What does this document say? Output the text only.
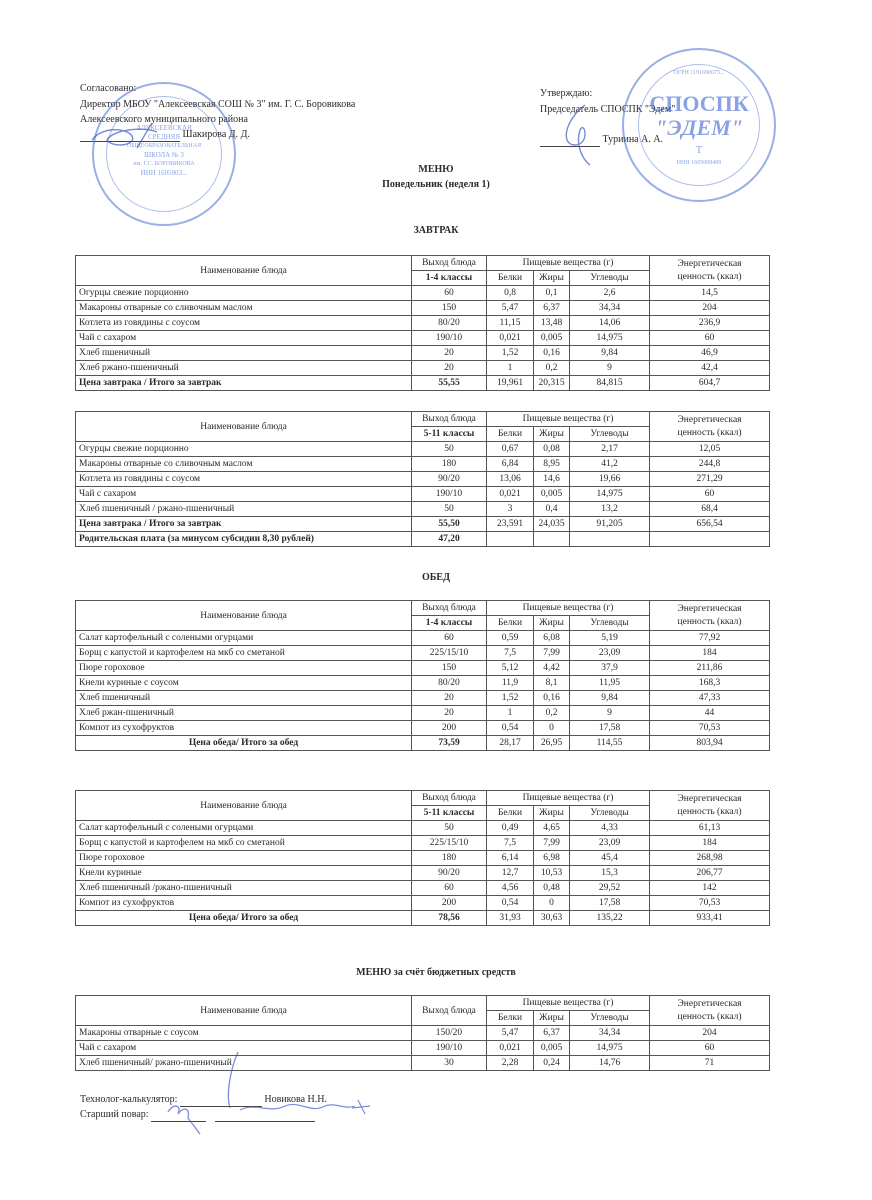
Согласовано:
Директор МБОУ "Алексеевская СОШ № 3" им. Г. С. Боровикова
Алексеевского муниципального района
Шакирова Д. Д.
Утверждаю:
Председатель СПОСПК "Эдем"
Туриина А. А.
АЛЕКСЕЕВСКАЯ
СРЕДНЯЯ
ОБЩЕОБРАЗОВАТЕЛЬНАЯ
ШКОЛА № 3
им. Г.С. БОРОВИКОВА
ИНН 1605003...
ОГРН 1191690075...
СПОСПК
"ЭДЕМ"
Т
ИНН 1605008409
МЕНЮ
Понедельник (неделя 1)
ЗАВТРАК
Наименование блюда	Выход блюда	Пищевые вещества (г)			Энергетическая
ценность (ккал)
	1-4 классы	Белки	Жиры	Углеводы	
Огурцы свежие порционно	60	0,8	0,1	2,6	14,5
Макароны отварные со сливочным маслом	150	5,47	6,37	34,34	204
Котлета из говядины с соусом	80/20	11,15	13,48	14,06	236,9
Чай с сахаром	190/10	0,021	0,005	14,975	60
Хлеб пшеничный	20	1,52	0,16	9,84	46,9
Хлеб ржано-пшеничный	20	1	0,2	9	42,4
Цена завтрака / Итого за завтрак	55,55	19,961	20,315	84,815	604,7
Наименование блюда	Выход блюда	Пищевые вещества (г)			Энергетическая
ценность (ккал)
	5-11 классы	Белки	Жиры	Углеводы	
Огурцы свежие порционно	50	0,67	0,08	2,17	12,05
Макароны отварные со сливочным маслом	180	6,84	8,95	41,2	244,8
Котлета из говядины с соусом	90/20	13,06	14,6	19,66	271,29
Чай с сахаром	190/10	0,021	0,005	14,975	60
Хлеб пшеничный / ржано-пшеничный	50	3	0,4	13,2	68,4
Цена завтрака / Итого за завтрак	55,50	23,591	24,035	91,205	656,54
Родительская плата (за минусом субсидии 8,30 рублей)	47,20				
ОБЕД
Наименование блюда	Выход блюда	Пищевые вещества (г)			Энергетическая
ценность (ккал)
	1-4 классы	Белки	Жиры	Углеводы	
Салат картофельный с солеными огурцами	60	0,59	6,08	5,19	77,92
Борщ с капустой и картофелем на мкб со сметаной	225/15/10	7,5	7,99	23,09	184
Пюре гороховое	150	5,12	4,42	37,9	211,86
Кнели куриные с соусом	80/20	11,9	8,1	11,95	168,3
Хлеб пшеничный	20	1,52	0,16	9,84	47,33
Хлеб ржан-пшеничный	20	1	0,2	9	44
Компот из сухофруктов	200	0,54	0	17,58	70,53
Цена обеда/ Итого за обед	73,59	28,17	26,95	114,55	803,94
Наименование блюда	Выход блюда	Пищевые вещества (г)			Энергетическая
ценность (ккал)
	5-11 классы	Белки	Жиры	Углеводы	
Салат картофельный с солеными огурцами	50	0,49	4,65	4,33	61,13
Борщ с капустой и картофелем на мкб со сметаной	225/15/10	7,5	7,99	23,09	184
Пюре гороховое	180	6,14	6,98	45,4	268,98
Кнели куриные	90/20	12,7	10,53	15,3	206,77
Хлеб пшеничный /ржано-пшеничный	60	4,56	0,48	29,52	142
Компот из сухофруктов	200	0,54	0	17,58	70,53
Цена обеда/ Итого за обед	78,56	31,93	30,63	135,22	933,41
МЕНЮ за счёт бюджетных средств
Наименование блюда	Выход блюда	Пищевые вещества (г)			Энергетическая
ценность (ккал)
		Белки	Жиры	Углеводы	
Макароны отварные с соусом	150/20	5,47	6,37	34,34	204
Чай с сахаром	190/10	0,021	0,005	14,975	60
Хлеб пшеничный/ ржано-пшеничный	30	2,28	0,24	14,76	71
Технолог-калькулятор:	Новикова Н.Н.
Старший повар:
